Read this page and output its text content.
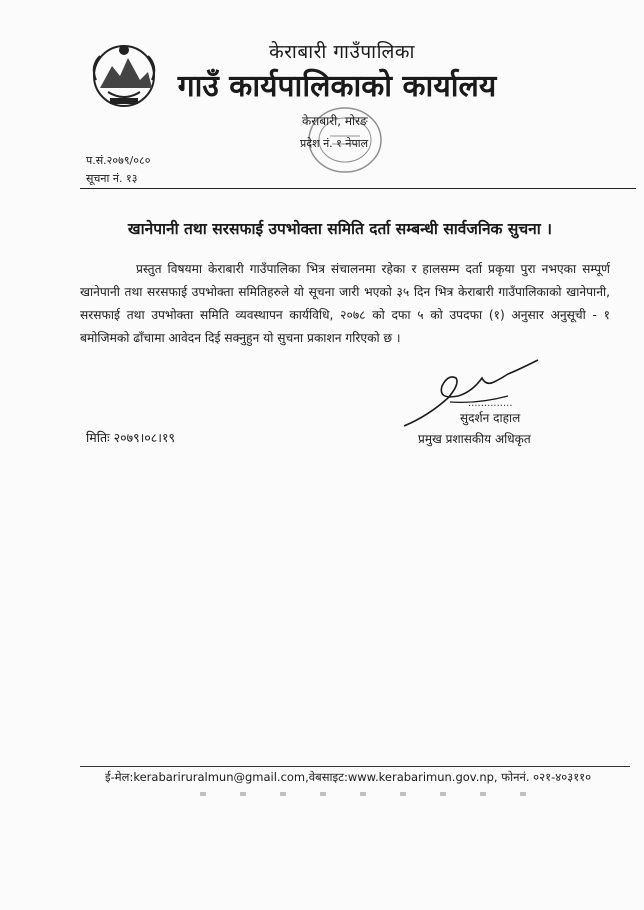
केराबारी गाउँपालिका
गाउँ कार्यपालिकाको कार्यालय
केराबारी, मोरङ
प्रदेश नं. १ नेपाल
प.सं.२०७९/०८०
सूचना नं. १३
खानेपानी तथा सरसफाई उपभोक्ता समिति दर्ता सम्बन्धी सार्वजनिक सुचना ।
प्रस्तुत विषयमा केराबारी गाउँपालिका भित्र संचालनमा रहेका र हालसम्म दर्ता प्रकृया पुरा नभएका सम्पूर्ण खानेपानी तथा सरसफाई उपभोक्ता समितिहरुले यो सूचना जारी भएको ३५ दिन भित्र केराबारी गाउँपालिकाको खानेपानी, सरसफाई तथा उपभोक्ता समिति व्यवस्थापन कार्यविधि, २०७८ को दफा ५ को उपदफा (१) अनुसार अनुसूची - १ बमोजिमको ढाँचामा आवेदन दिई सक्नुहुन यो सुचना प्रकाशन गरिएको छ ।
..............
सुदर्शन दाहाल
प्रमुख प्रशासकीय अधिकृत
मितिः २०७९।०८।१९
ई-मेल:kerabariruralmun@gmail.com,वेबसाइट:www.kerabarimun.gov.np, फोननं. ०२१-४०३११०
